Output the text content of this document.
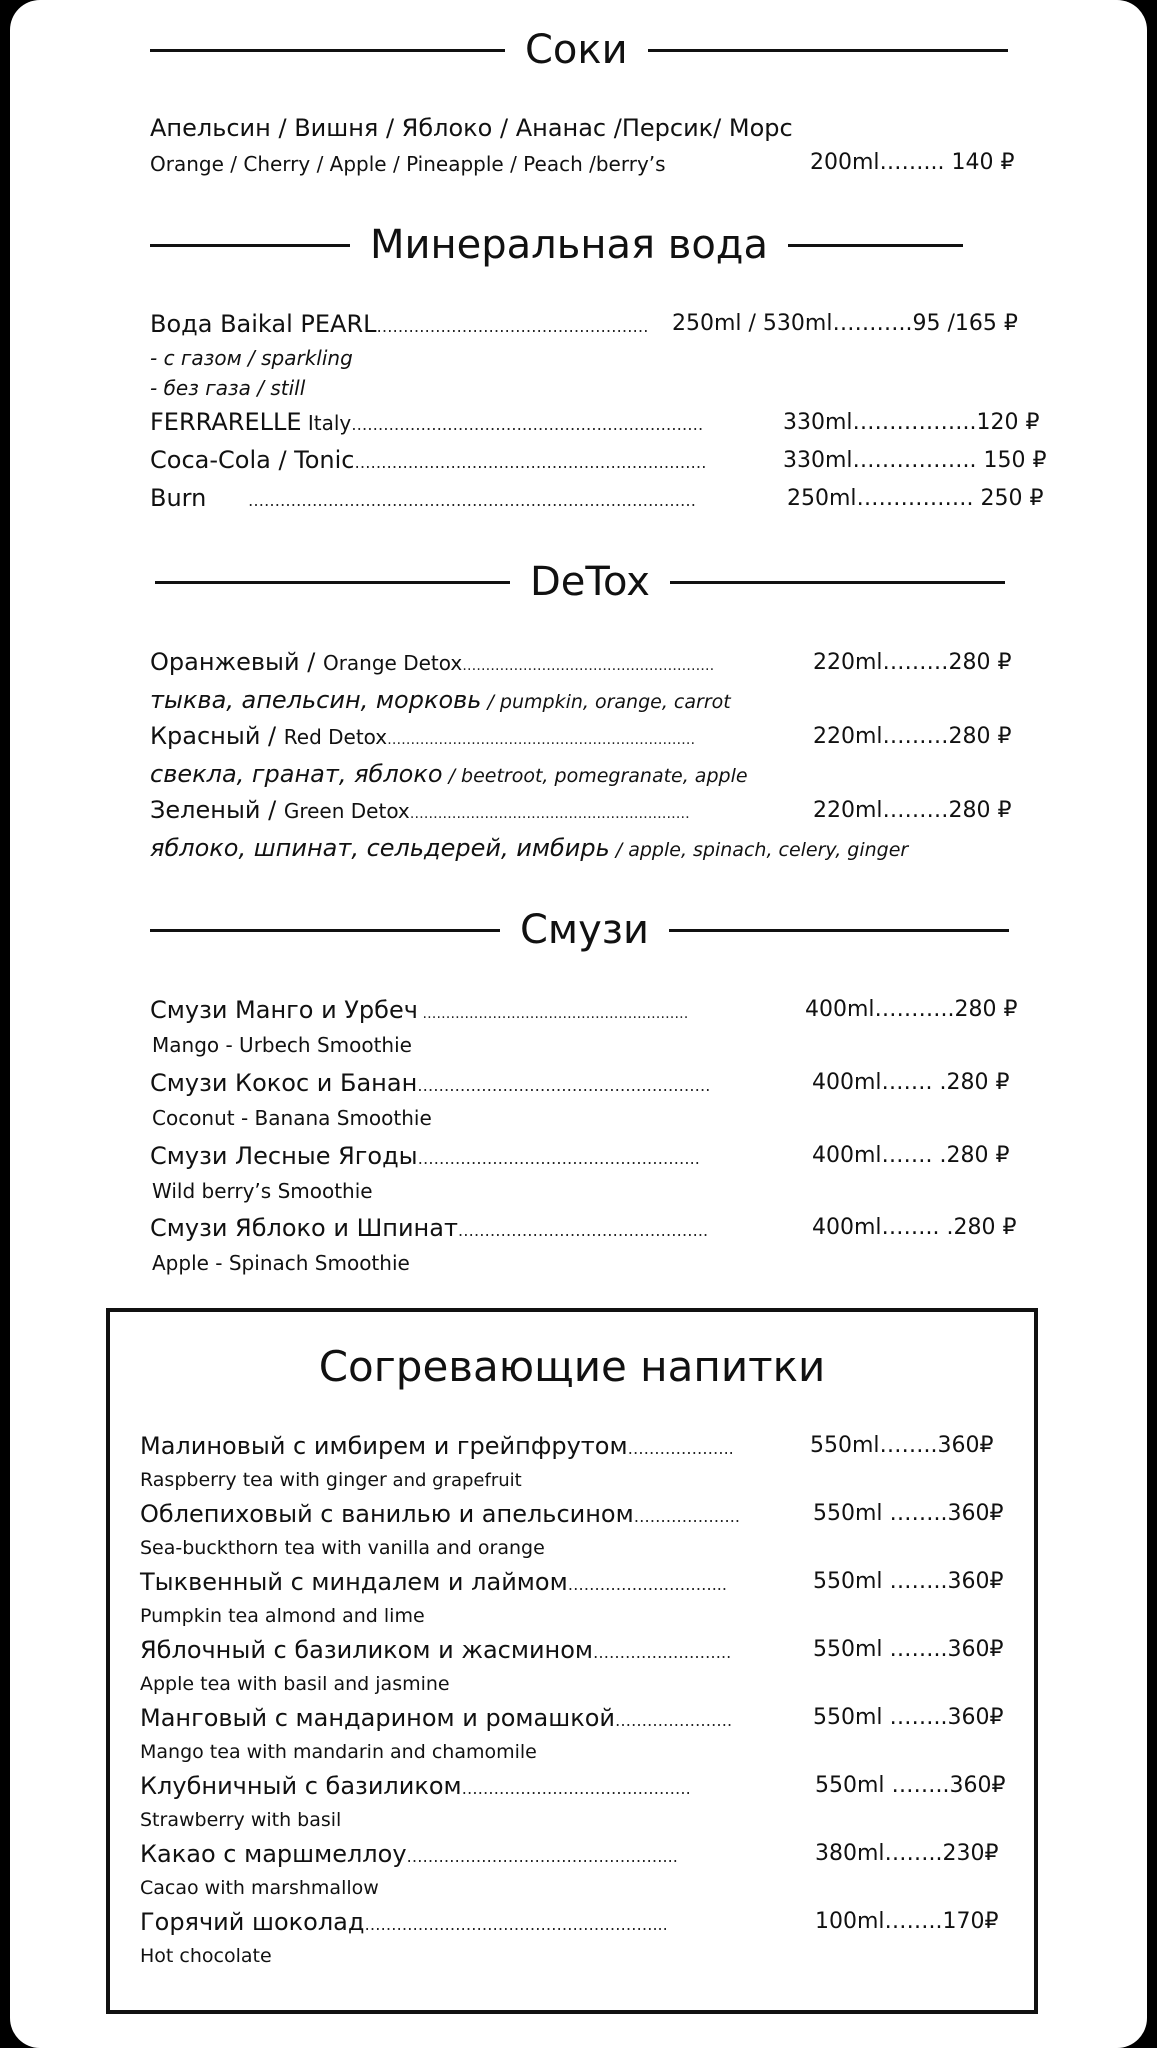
Соки
Апельсин / Вишня / Яблоко / Ананас /Персик/ Морс
Orange / Cherry / Apple / Pineapple / Peach /berry’s	200ml……... 140 ₽
Минеральная вода
Вода Baikal PEARL…………………………………………… 250ml / 530ml………..95 /165 ₽
- с газом / sparkling
- без газа / still
FERRARELLE Italy…………………………………………………………	330ml……………..120 ₽
Coca-Cola / Tonic…………………………………………………………	330ml…………….. 150 ₽
Burn	…………………………………………………………………………	250ml……………. 250 ₽
DeTox
Оранжевый / Orange Detox………………………………………………	220ml………280 ₽
тыква, апельсин, морковь / pumpkin, orange, carrot
Красный / Red Detox…………………………………………………………	220ml………280 ₽
свекла, гранат, яблоко / beetroot, pomegranate, apple
Зеленый / Green Detox……………………………………………………	220ml………280 ₽
яблоко, шпинат, сельдерей, имбирь / apple, spinach, celery, ginger
Смузи
Смузи Манго и Урбеч …………………………………………………	400ml………..280 ₽
Mango - Urbech Smoothie
Смузи Кокос и Банан……………………………………………….	400ml……. .280 ₽
Coconut - Banana Smoothie
Смузи Лесные Ягоды……………………………………………..	400ml……. .280 ₽
Wild berry’s Smoothie
Смузи Яблоко и Шпинат………………………………………..	400ml…….. .280 ₽
Apple - Spinach Smoothie
Согревающие напитки
Малиновый с имбирем и грейпфрутом………………..	550ml……..360₽
Raspberry tea with ginger and grapefruit
Облепиховый с ванилью и апельсином………………..	550ml ……..360₽
Sea-buckthorn tea with vanilla and orange
Тыквенный с миндалем и лаймом………………………...	550ml ……..360₽
Pumpkin tea almond and lime
Яблочный с базиликом и жасмином……………………..	550ml ……..360₽
Apple tea with basil and jasmine
Манговый с мандарином и ромашкой………………….	550ml ……..360₽
Mango tea with mandarin and chamomile
Клубничный с базиликом…………………………………….	550ml ……..360₽
Strawberry with basil
Какао с маршмеллоу…………………………………………...	380ml……..230₽
Cacao with marshmallow
Горячий шоколад………………………………………………...	100ml……..170₽
Hot chocolate
